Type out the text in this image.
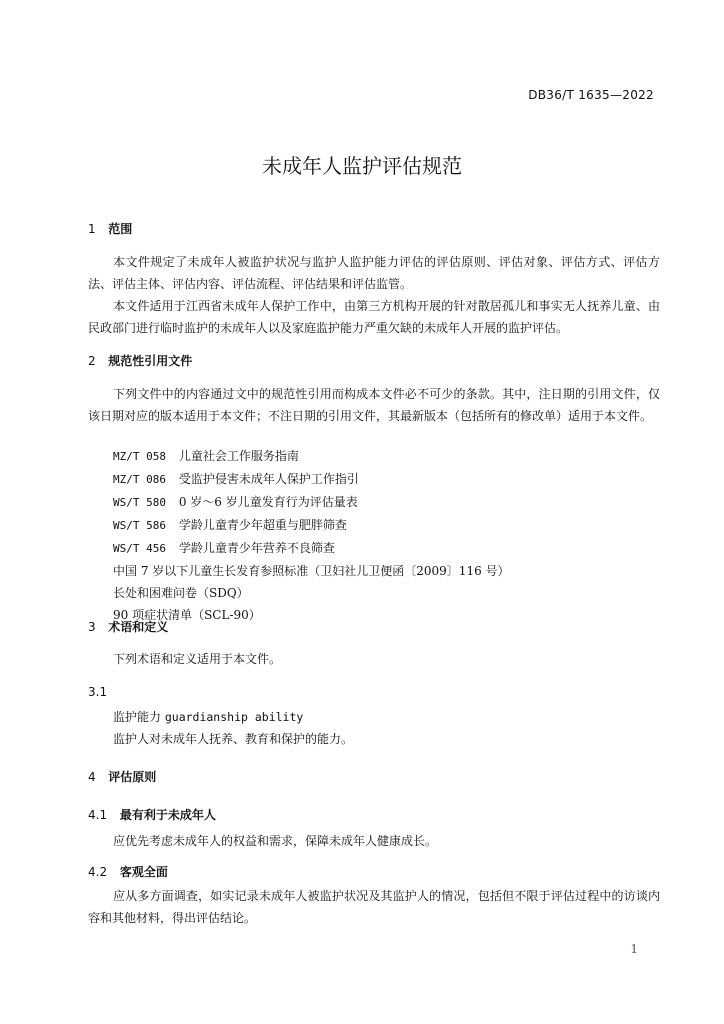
DB36/T 1635—2022
未成年人监护评估规范
1 范围
本文件规定了未成年人被监护状况与监护人监护能力评估的评估原则、评估对象、评估方式、评估方法、评估主体、评估内容、评估流程、评估结果和评估监管。
本文件适用于江西省未成年人保护工作中，由第三方机构开展的针对散居孤儿和事实无人抚养儿童、由民政部门进行临时监护的未成年人以及家庭监护能力严重欠缺的未成年人开展的监护评估。
2 规范性引用文件
下列文件中的内容通过文中的规范性引用而构成本文件必不可少的条款。其中，注日期的引用文件，仅该日期对应的版本适用于本文件；不注日期的引用文件，其最新版本（包括所有的修改单）适用于本文件。
MZ/T 058 儿童社会工作服务指南
MZ/T 086 受监护侵害未成年人保护工作指引
WS/T 580 0 岁～6 岁儿童发育行为评估量表
WS/T 586 学龄儿童青少年超重与肥胖筛查
WS/T 456 学龄儿童青少年营养不良筛查
中国 7 岁以下儿童生长发育参照标准（卫妇社儿卫便函〔2009〕116 号）
长处和困难问卷（SDQ）
90 项症状清单（SCL-90）
3 术语和定义
下列术语和定义适用于本文件。
3.1
监护能力 guardianship ability
监护人对未成年人抚养、教育和保护的能力。
4 评估原则
4.1 最有利于未成年人
应优先考虑未成年人的权益和需求，保障未成年人健康成长。
4.2 客观全面
应从多方面调查，如实记录未成年人被监护状况及其监护人的情况，包括但不限于评估过程中的访谈内容和其他材料，得出评估结论。
1
